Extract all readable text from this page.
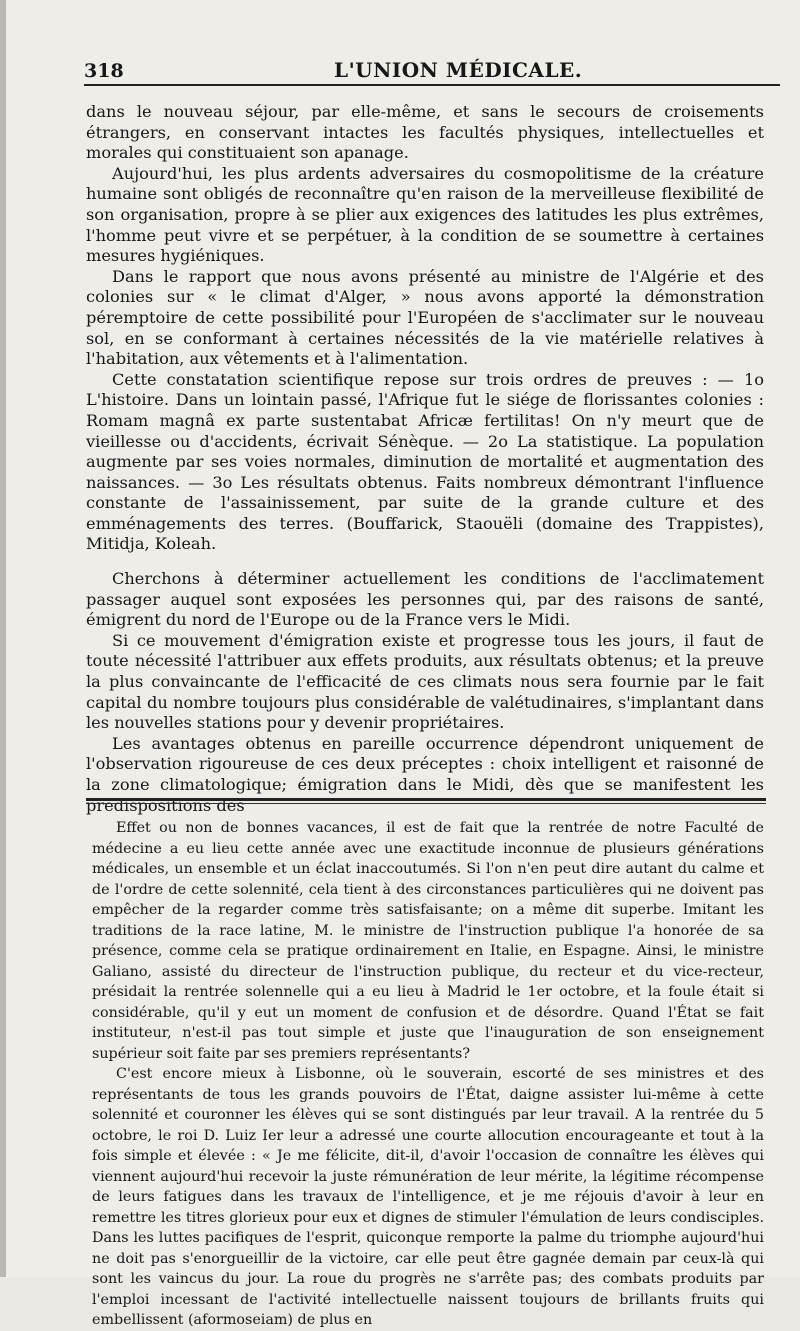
318	L'UNION MÉDICALE.

dans le nouveau séjour, par elle-même, et sans le secours de croisements étrangers, en conservant intactes les facultés physiques, intellectuelles et morales qui constituaient son apanage.

Aujourd'hui, les plus ardents adversaires du cosmopolitisme de la créature humaine sont obligés de reconnaître qu'en raison de la merveilleuse flexibilité de son organisation, propre à se plier aux exigences des latitudes les plus extrêmes, l'homme peut vivre et se perpétuer, à la condition de se soumettre à certaines mesures hygiéniques.

Dans le rapport que nous avons présenté au ministre de l'Algérie et des colonies sur « le climat d'Alger, » nous avons apporté la démonstration péremptoire de cette possibilité pour l'Européen de s'acclimater sur le nouveau sol, en se conformant à certaines nécessités de la vie matérielle relatives à l'habitation, aux vêtements et à l'alimentation.

Cette constatation scientifique repose sur trois ordres de preuves : — 1o L'histoire. Dans un lointain passé, l'Afrique fut le siége de florissantes colonies : Romam magnâ ex parte sustentabat Africæ fertilitas! On n'y meurt que de vieillesse ou d'accidents, écrivait Sénèque. — 2o La statistique. La population augmente par ses voies normales, diminution de mortalité et augmentation des naissances. — 3o Les résultats obtenus. Faits nombreux démontrant l'influence constante de l'assainissement, par suite de la grande culture et des emménagements des terres. (Bouffarick, Staouëli (domaine des Trappistes), Mitidja, Koleah.

Cherchons à déterminer actuellement les conditions de l'acclimatement passager auquel sont exposées les personnes qui, par des raisons de santé, émigrent du nord de l'Europe ou de la France vers le Midi.

Si ce mouvement d'émigration existe et progresse tous les jours, il faut de toute nécessité l'attribuer aux effets produits, aux résultats obtenus; et la preuve la plus convaincante de l'efficacité de ces climats nous sera fournie par le fait capital du nombre toujours plus considérable de valétudinaires, s'implantant dans les nouvelles stations pour y devenir propriétaires.

Les avantages obtenus en pareille occurrence dépendront uniquement de l'observation rigoureuse de ces deux préceptes : choix intelligent et raisonné de la zone climatologique; émigration dans le Midi, dès que se manifestent les prédispositions des

Effet ou non de bonnes vacances, il est de fait que la rentrée de notre Faculté de médecine a eu lieu cette année avec une exactitude inconnue de plusieurs générations médicales, un ensemble et un éclat inaccoutumés. Si l'on n'en peut dire autant du calme et de l'ordre de cette solennité, cela tient à des circonstances particulières qui ne doivent pas empêcher de la regarder comme très satisfaisante; on a même dit superbe. Imitant les traditions de la race latine, M. le ministre de l'instruction publique l'a honorée de sa présence, comme cela se pratique ordinairement en Italie, en Espagne. Ainsi, le ministre Galiano, assisté du directeur de l'instruction publique, du recteur et du vice-recteur, présidait la rentrée solennelle qui a eu lieu à Madrid le 1er octobre, et la foule était si considérable, qu'il y eut un moment de confusion et de désordre. Quand l'État se fait instituteur, n'est-il pas tout simple et juste que l'inauguration de son enseignement supérieur soit faite par ses premiers représentants?

C'est encore mieux à Lisbonne, où le souverain, escorté de ses ministres et des représentants de tous les grands pouvoirs de l'État, daigne assister lui-même à cette solennité et couronner les élèves qui se sont distingués par leur travail. A la rentrée du 5 octobre, le roi D. Luiz Ier leur a adressé une courte allocution encourageante et tout à la fois simple et élevée : « Je me félicite, dit-il, d'avoir l'occasion de connaître les élèves qui viennent aujourd'hui recevoir la juste rémunération de leur mérite, la légitime récompense de leurs fatigues dans les travaux de l'intelligence, et je me réjouis d'avoir à leur en remettre les titres glorieux pour eux et dignes de stimuler l'émulation de leurs condisciples. Dans les luttes pacifiques de l'esprit, quiconque remporte la palme du triomphe aujourd'hui ne doit pas s'enorgueillir de la victoire, car elle peut être gagnée demain par ceux-là qui sont les vaincus du jour. La roue du progrès ne s'arrête pas; des combats produits par l'emploi incessant de l'activité intellectuelle naissent toujours de brillants fruits qui embellissent (aformoseiam) de plus en
